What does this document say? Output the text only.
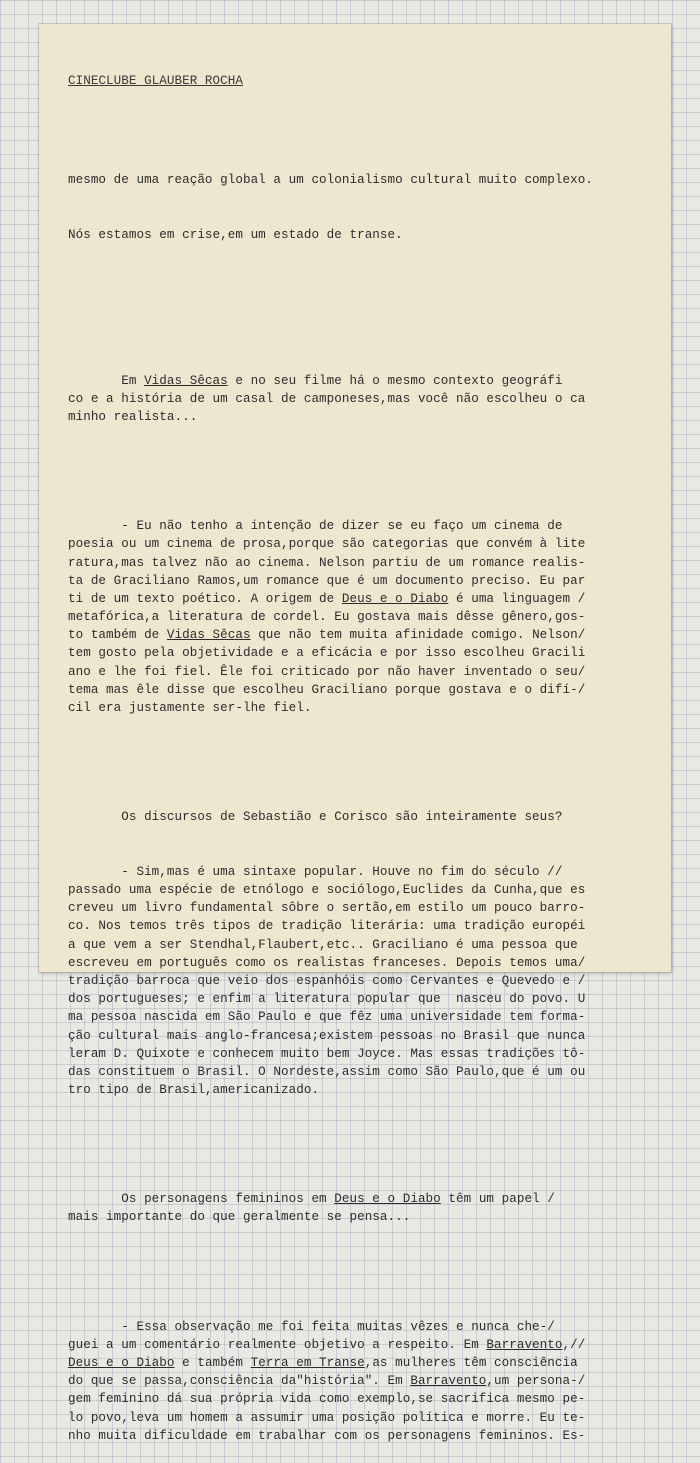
CINECLUBE GLAUBER ROCHA

mesmo de uma reação global a um colonialismo cultural muito complexo.

Nós estamos em crise,em um estado de transe.

Em Vidas Sêcas e no seu filme há o mesmo contexto geográfi
co e a história de um casal de camponeses,mas você não escolheu o ca
minho realista...

- Eu não tenho a intenção de dizer se eu faço um cinema de
poesia ou um cinema de prosa,porque são categorias que convém à lite
ratura,mas talvez não ao cinema. Nelson partiu de um romance realis-
ta de Graciliano Ramos,um romance que é um documento preciso. Eu par
ti de um texto poético. A origem de Deus e o Diabo é uma linguagem /
metafórica,a literatura de cordel. Eu gostava mais dêsse gênero,gos-
to também de Vidas Sêcas que não tem muita afinidade comigo. Nelson/
tem gosto pela objetividade e a eficácia e por isso escolheu Gracili
ano e lhe foi fiel. Êle foi criticado por não haver inventado o seu/
tema mas êle disse que escolheu Graciliano porque gostava e o difí-/
cil era justamente ser-lhe fiel.

Os discursos de Sebastião e Corisco são inteiramente seus?

- Sim,mas é uma sintaxe popular. Houve no fim do século //
passado uma espécie de etnólogo e sociólogo,Euclides da Cunha,que es
creveu um livro fundamental sôbre o sertão,em estilo um pouco barro-
co. Nos temos três tipos de tradição literária: uma tradição européi
a que vem a ser Stendhal,Flaubert,etc.. Graciliano é uma pessoa que
escreveu em português como os realistas franceses. Depois temos uma/
tradição barroca que veio dos espanhóis como Cervantes e Quevedo e /
dos portugueses; e enfim a literatura popular que  nasceu do povo. U
ma pessoa nascida em São Paulo e que fêz uma universidade tem forma-
ção cultural mais anglo-francesa;existem pessoas no Brasil que nunca
leram D. Quixote e conhecem muito bem Joyce. Mas essas tradições tô-
das constituem o Brasil. O Nordeste,assim como São Paulo,que é um ou
tro tipo de Brasil,americanizado.

Os personagens femininos em Deus e o Diabo têm um papel /
mais importante do que geralmente se pensa...

- Essa observação me foi feita muitas vêzes e nunca che-/
guei a um comentário realmente objetivo a respeito. Em Barravento,//
Deus e o Diabo e também Terra em Transe,as mulheres têm consciência
do que se passa,consciência da"história". Em Barravento,um persona-/
gem feminino dá sua própria vida como exemplo,se sacrifica mesmo pe-
lo povo,leva um homem a assumir uma posição política e morre. Eu te-
nho muita dificuldade em trabalhar com os personagens femininos. Es-
